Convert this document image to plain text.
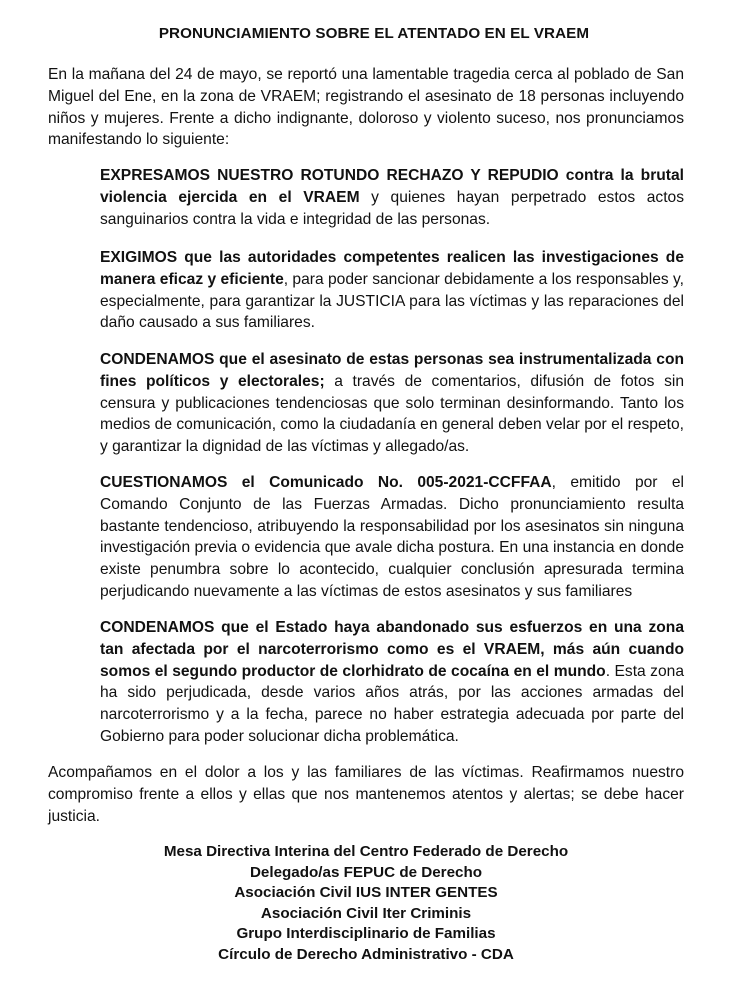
PRONUNCIAMIENTO SOBRE EL ATENTADO EN EL VRAEM

En la mañana del 24 de mayo, se reportó una lamentable tragedia cerca al poblado de San Miguel del Ene, en la zona de VRAEM; registrando el asesinato de 18 personas incluyendo niños y mujeres. Frente a dicho indignante, doloroso y violento suceso, nos pronunciamos manifestando lo siguiente:

EXPRESAMOS NUESTRO ROTUNDO RECHAZO Y REPUDIO contra la brutal violencia ejercida en el VRAEM y quienes hayan perpetrado estos actos sanguinarios contra la vida e integridad de las personas.

EXIGIMOS que las autoridades competentes realicen las investigaciones de manera eficaz y eficiente, para poder sancionar debidamente a los responsables y, especialmente, para garantizar la JUSTICIA para las víctimas y las reparaciones del daño causado a sus familiares.

CONDENAMOS que el asesinato de estas personas sea instrumentalizada con fines políticos y electorales; a través de comentarios, difusión de fotos sin censura y publicaciones tendenciosas que solo terminan desinformando. Tanto los medios de comunicación, como la ciudadanía en general deben velar por el respeto, y garantizar la dignidad de las víctimas y allegado/as.

CUESTIONAMOS el Comunicado No. 005-2021-CCFFAA, emitido por el Comando Conjunto de las Fuerzas Armadas. Dicho pronunciamiento resulta bastante tendencioso, atribuyendo la responsabilidad por los asesinatos sin ninguna investigación previa o evidencia que avale dicha postura. En una instancia en donde existe penumbra sobre lo acontecido, cualquier conclusión apresurada termina perjudicando nuevamente a las víctimas de estos asesinatos y sus familiares

CONDENAMOS que el Estado haya abandonado sus esfuerzos en una zona tan afectada por el narcoterrorismo como es el VRAEM, más aún cuando somos el segundo productor de clorhidrato de cocaína en el mundo. Esta zona ha sido perjudicada, desde varios años atrás, por las acciones armadas del narcoterrorismo y a la fecha, parece no haber estrategia adecuada por parte del Gobierno para poder solucionar dicha problemática.

Acompañamos en el dolor a los y las familiares de las víctimas. Reafirmamos nuestro compromiso frente a ellos y ellas que nos mantenemos atentos y alertas; se debe hacer justicia.

Mesa Directiva Interina del Centro Federado de Derecho
Delegado/as FEPUC de Derecho
Asociación Civil IUS INTER GENTES
Asociación Civil Iter Criminis
Grupo Interdisciplinario de Familias
Círculo de Derecho Administrativo - CDA
